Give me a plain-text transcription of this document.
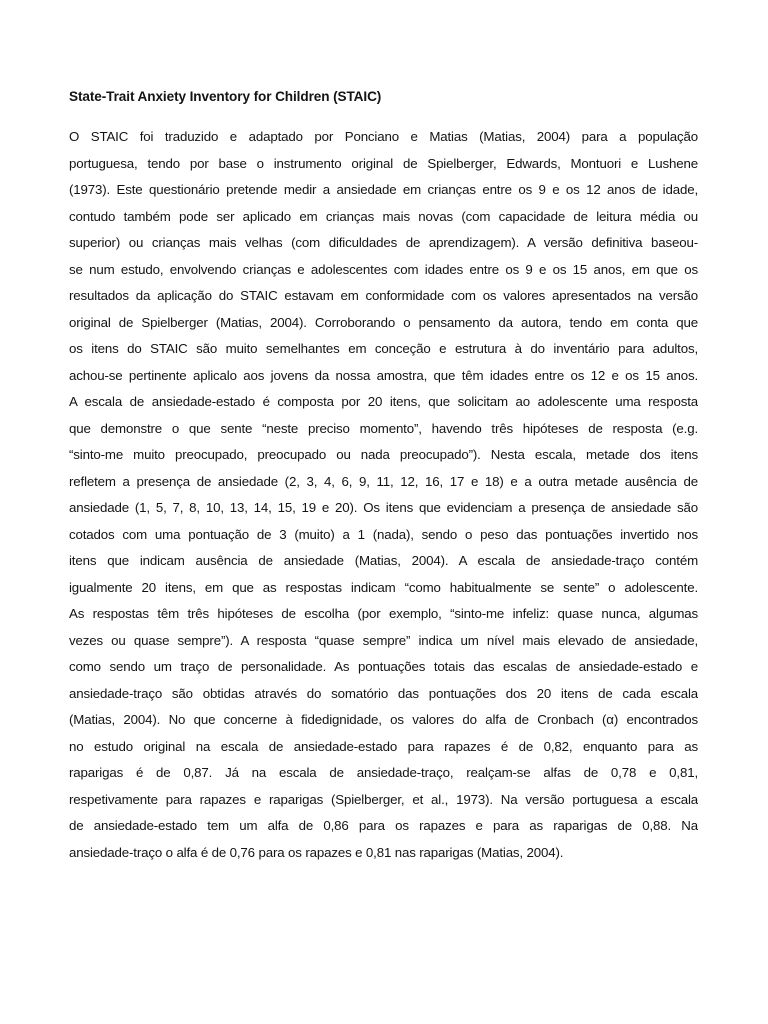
State-Trait Anxiety Inventory for Children (STAIC)
O STAIC foi traduzido e adaptado por Ponciano e Matias (Matias, 2004) para a população
portuguesa, tendo por base o instrumento original de Spielberger, Edwards, Montuori e Lushene
(1973). Este questionário pretende medir a ansiedade em crianças entre os 9 e os 12 anos de idade,
contudo também pode ser aplicado em crianças mais novas (com capacidade de leitura média ou
superior) ou crianças mais velhas (com dificuldades de aprendizagem). A versão definitiva baseou-
se num estudo, envolvendo crianças e adolescentes com idades entre os 9 e os 15 anos, em que os
resultados da aplicação do STAIC estavam em conformidade com os valores apresentados na versão
original de Spielberger (Matias, 2004). Corroborando o pensamento da autora, tendo em conta que
os itens do STAIC são muito semelhantes em conceção e estrutura à do inventário para adultos,
achou-se pertinente aplicalo aos jovens da nossa amostra, que têm idades entre os 12 e os 15 anos.
A escala de ansiedade-estado é composta por 20 itens, que solicitam ao adolescente uma resposta
que demonstre o que sente “neste preciso momento”, havendo três hipóteses de resposta (e.g.
“sinto-me muito preocupado, preocupado ou nada preocupado”). Nesta escala, metade dos itens
refletem a presença de ansiedade (2, 3, 4, 6, 9, 11, 12, 16, 17 e 18) e a outra metade ausência de
ansiedade (1, 5, 7, 8, 10, 13, 14, 15, 19 e 20). Os itens que evidenciam a presença de ansiedade são
cotados com uma pontuação de 3 (muito) a 1 (nada), sendo o peso das pontuações invertido nos
itens que indicam ausência de ansiedade (Matias, 2004). A escala de ansiedade-traço contém
igualmente 20 itens, em que as respostas indicam “como habitualmente se sente” o adolescente.
As respostas têm três hipóteses de escolha (por exemplo, “sinto-me infeliz: quase nunca, algumas
vezes ou quase sempre”). A resposta “quase sempre” indica um nível mais elevado de ansiedade,
como sendo um traço de personalidade. As pontuações totais das escalas de ansiedade-estado e
ansiedade-traço são obtidas através do somatório das pontuações dos 20 itens de cada escala
(Matias, 2004). No que concerne à fidedignidade, os valores do alfa de Cronbach (α) encontrados
no estudo original na escala de ansiedade-estado para rapazes é de 0,82, enquanto para as
raparigas é de 0,87. Já na escala de ansiedade-traço, realçam-se alfas de 0,78 e 0,81,
respetivamente para rapazes e raparigas (Spielberger, et al., 1973). Na versão portuguesa a escala
de ansiedade-estado tem um alfa de 0,86 para os rapazes e para as raparigas de 0,88. Na
ansiedade-traço o alfa é de 0,76 para os rapazes e 0,81 nas raparigas (Matias, 2004).
